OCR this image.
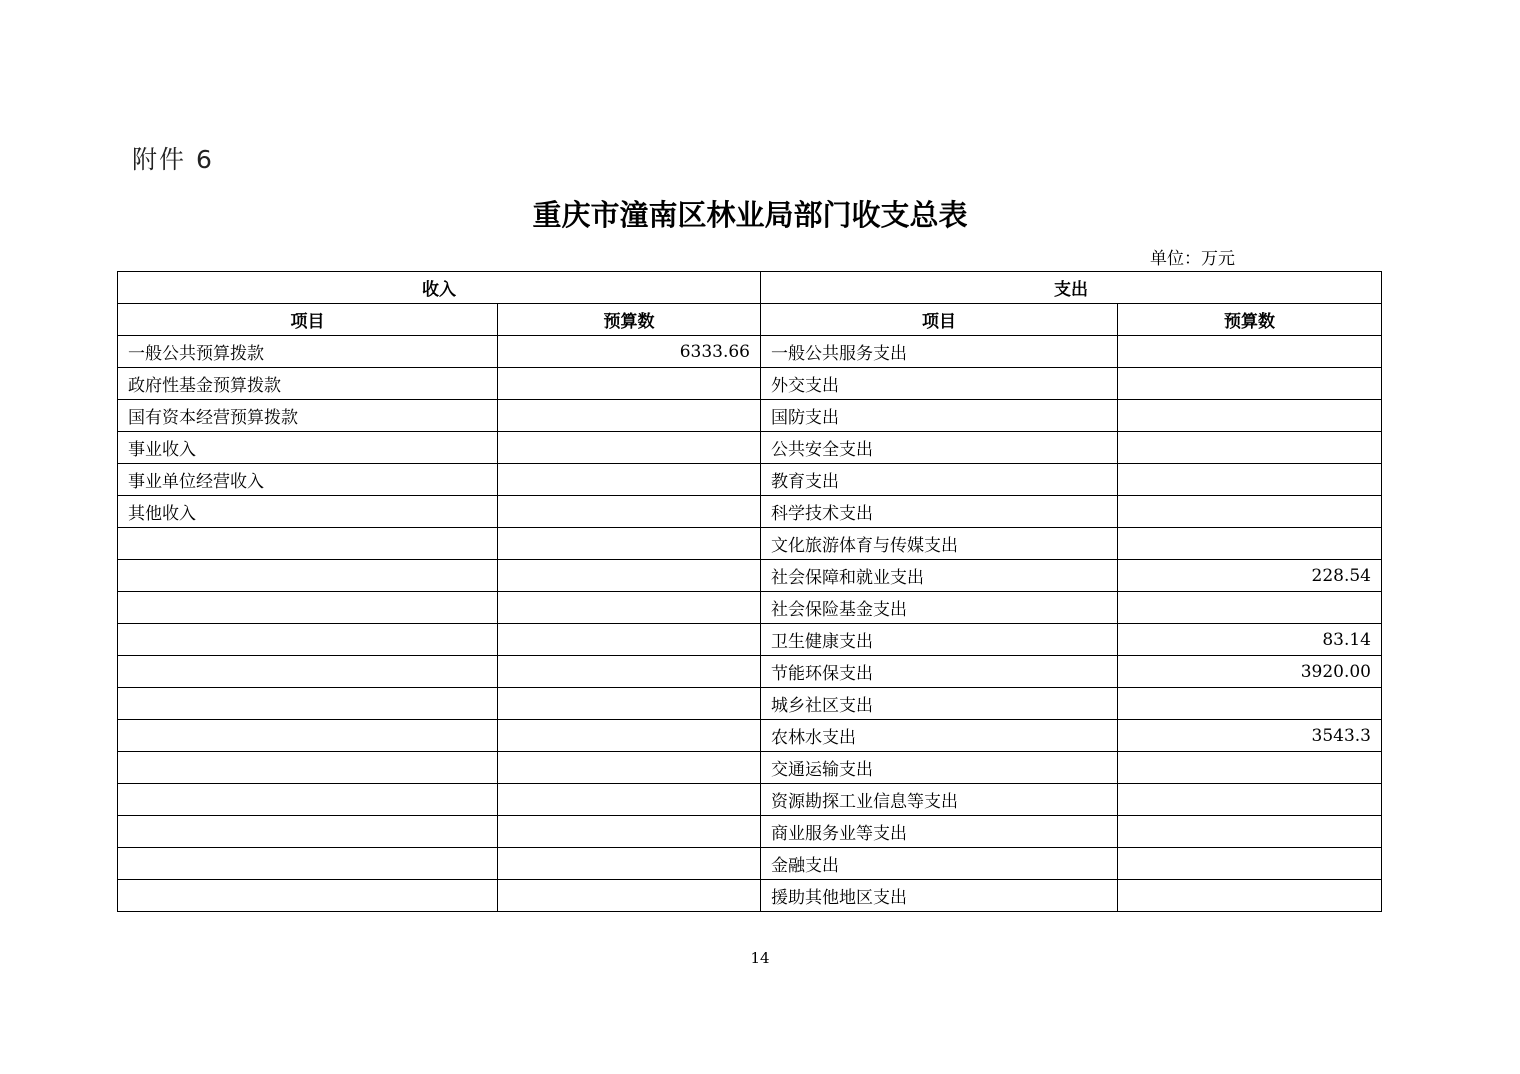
附件 6
重庆市潼南区林业局部门收支总表
单位：万元
收入		支出	
项目	预算数	项目	预算数
一般公共预算拨款	6333.66	一般公共服务支出	
政府性基金预算拨款		外交支出	
国有资本经营预算拨款		国防支出	
事业收入		公共安全支出	
事业单位经营收入		教育支出	
其他收入		科学技术支出	
		文化旅游体育与传媒支出	
		社会保障和就业支出	228.54
		社会保险基金支出	
		卫生健康支出	83.14
		节能环保支出	3920.00
		城乡社区支出	
		农林水支出	3543.3
		交通运输支出	
		资源勘探工业信息等支出	
		商业服务业等支出	
		金融支出	
		援助其他地区支出	
14
